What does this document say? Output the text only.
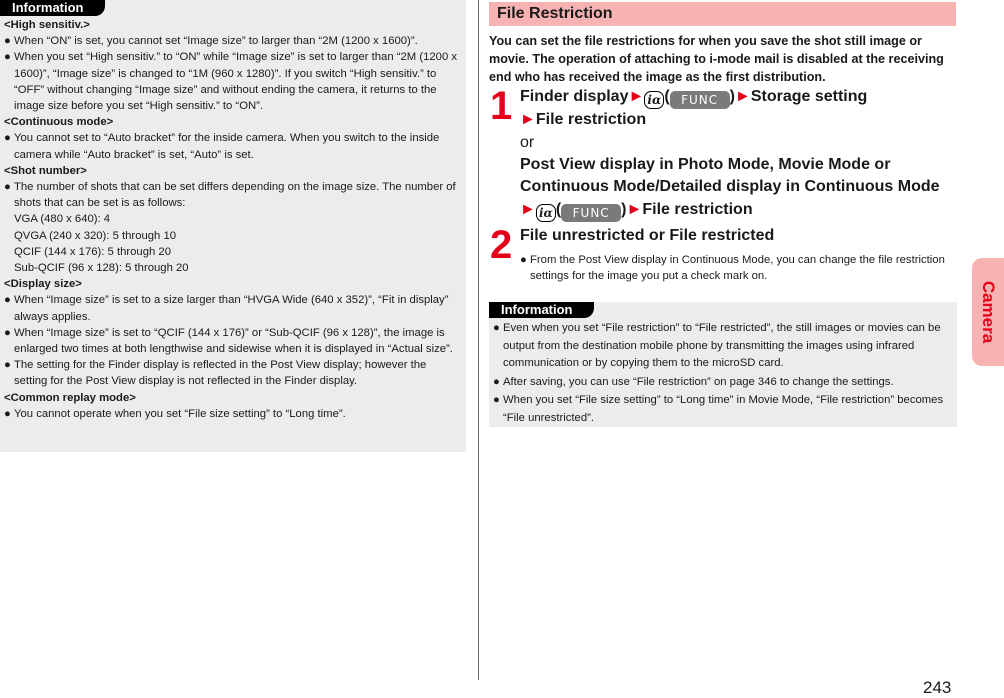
Information
<High sensitiv.>
● When “ON” is set, you cannot set “Image size” to larger than “2M (1200 x 1600)”.
● When you set “High sensitiv.” to “ON” while “Image size” is set to larger than “2M (1200 x 1600)”, “Image size” is changed to “1M (960 x 1280)”. If you switch “High sensitiv.” to “OFF” without changing “Image size” and without ending the camera, it returns to the image size before you set “High sensitiv.” to “ON”.
<Continuous mode>
● You cannot set to “Auto bracket” for the inside camera. When you switch to the inside camera while “Auto bracket” is set, “Auto” is set.
<Shot number>
● The number of shots that can be set differs depending on the image size. The number of shots that can be set is as follows:
VGA (480 x 640): 4
QVGA (240 x 320): 5 through 10
QCIF (144 x 176): 5 through 20
Sub-QCIF (96 x 128): 5 through 20
<Display size>
● When “Image size” is set to a size larger than “HVGA Wide (640 x 352)”, “Fit in display” always applies.
● When “Image size” is set to “QCIF (144 x 176)” or “Sub-QCIF (96 x 128)”, the image is enlarged two times at both lengthwise and sidewise when it is displayed in “Actual size”.
● The setting for the Finder display is reflected in the Post View display; however the setting for the Post View display is not reflected in the Finder display.
<Common replay mode>
● You cannot operate when you set “File size setting” to “Long time”.
File Restriction
You can set the file restrictions for when you save the shot still image or movie. The operation of attaching to i-mode mail is disabled at the receiving end who has received the image as the first distribution.
1 Finder display► iα ( FUNC )►Storage setting
►File restriction
or
Post View display in Photo Mode, Movie Mode or Continuous Mode/Detailed display in Continuous Mode
► iα ( FUNC )►File restriction
2 File unrestricted or File restricted
● From the Post View display in Continuous Mode, you can change the file restriction settings for the image you put a check mark on.
Information
● Even when you set “File restriction” to “File restricted”, the still images or movies can be output from the destination mobile phone by transmitting the images using infrared communication or by copying them to the microSD card.
● After saving, you can use “File restriction” on page 346 to change the settings.
● When you set “File size setting” to “Long time” in Movie Mode, “File restriction” becomes “File unrestricted”.
Camera
243
